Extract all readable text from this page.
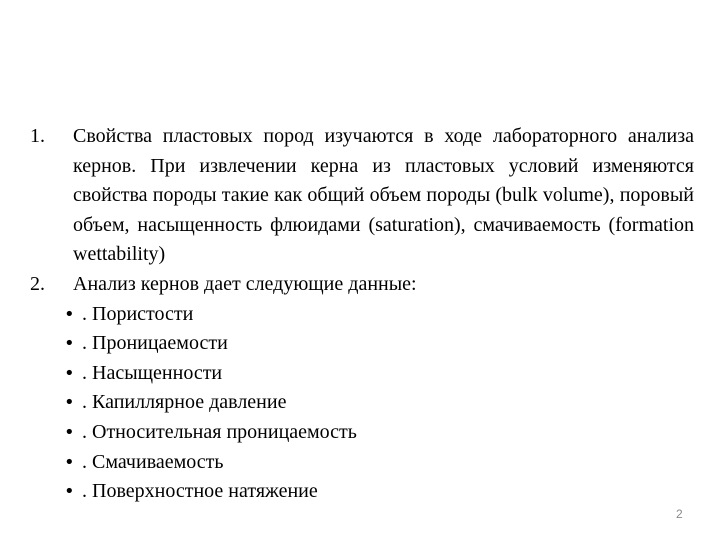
1. Свойства пластовых пород изучаются в ходе лабораторного анализа кернов. При извлечении керна из пластовых условий изменяются свойства породы такие как общий объем породы (bulk volume), поровый объем, насыщенность флюидами (saturation), смачиваемость (formation wettability)
2. Анализ кернов дает следующие данные:
• . Пористости
• . Проницаемости
• . Насыщенности
• . Капиллярное давление
• . Относительная проницаемость
• . Смачиваемость
• . Поверхностное натяжение
2
